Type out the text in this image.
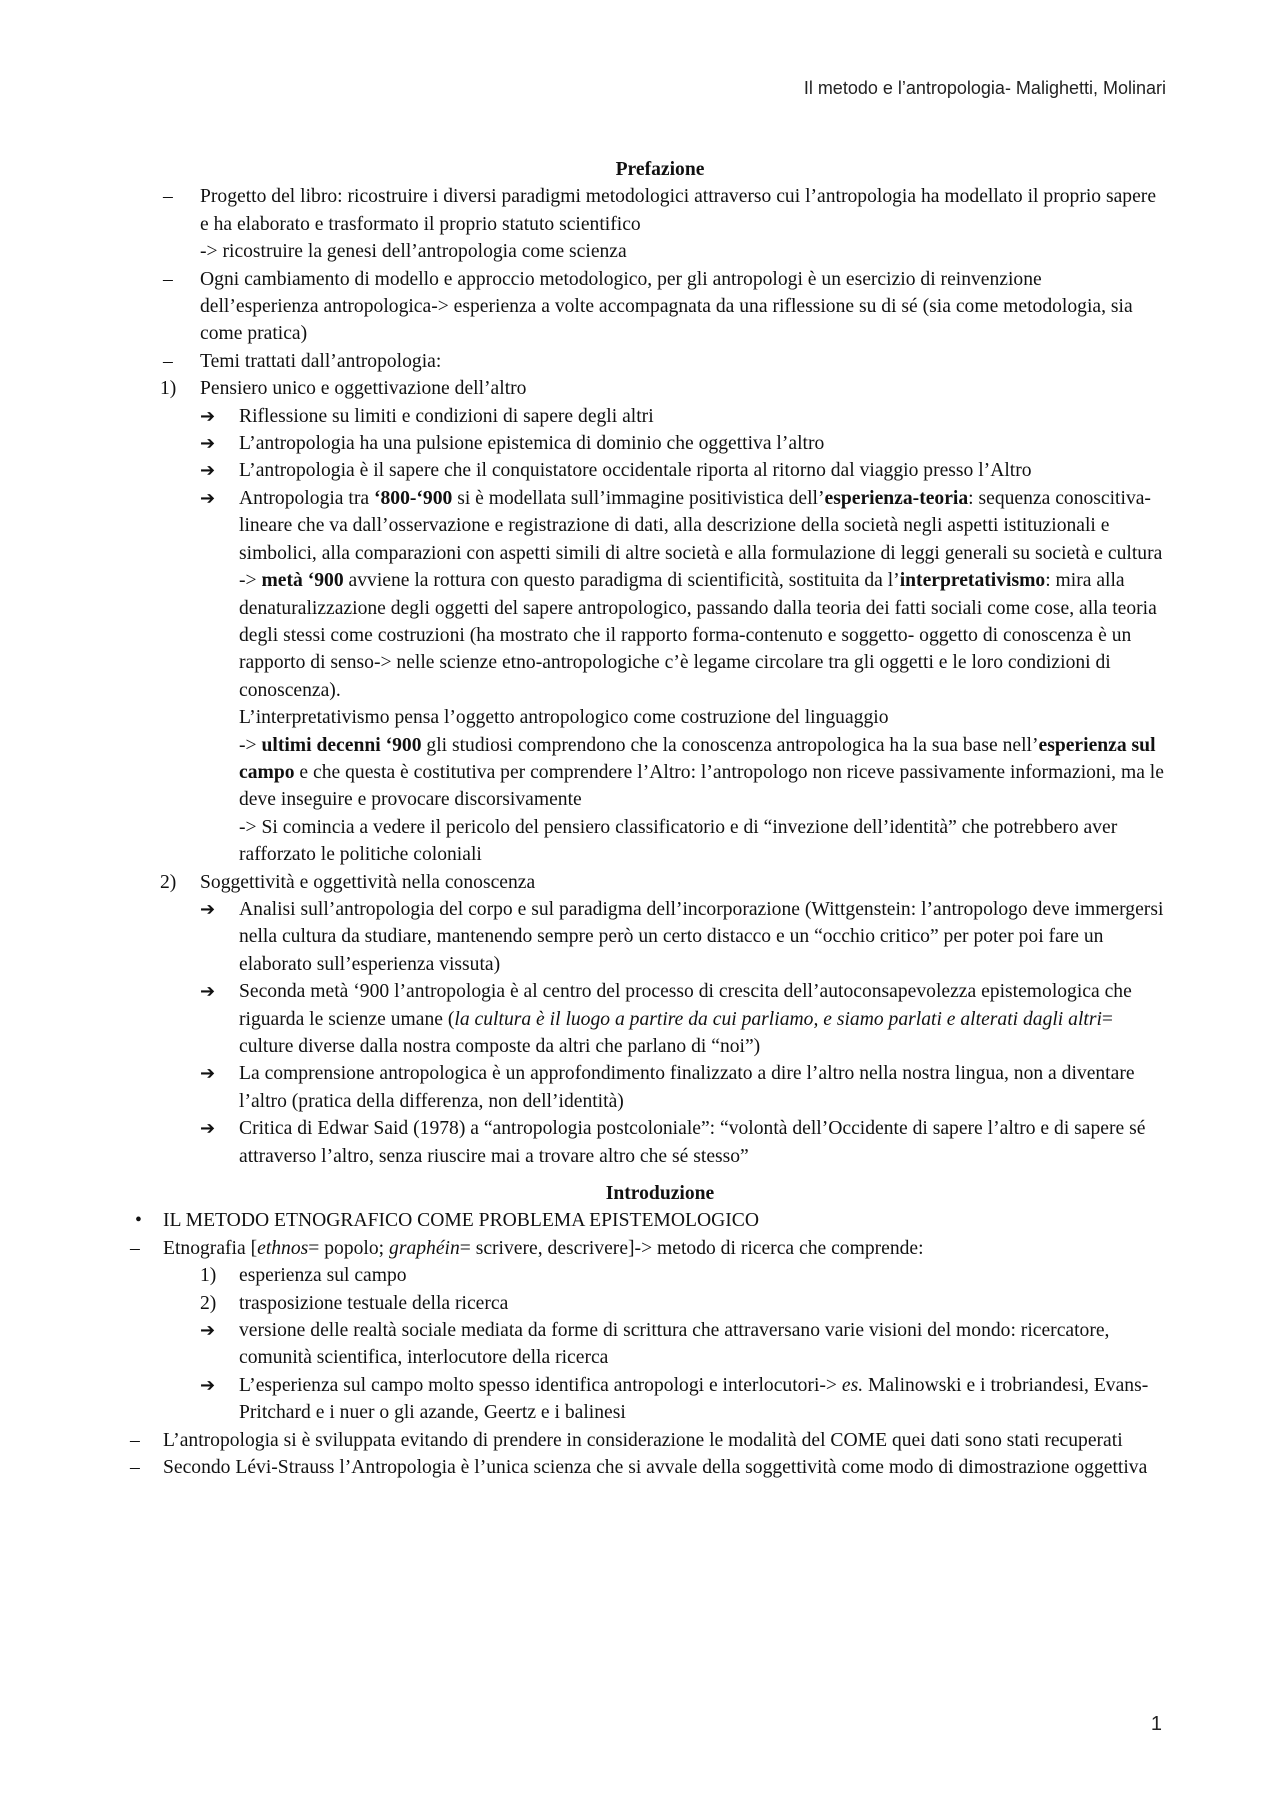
Il metodo e l’antropologia- Malighetti, Molinari
Prefazione
– Progetto del libro: ricostruire i diversi paradigmi metodologici attraverso cui l’antropologia ha modellato il proprio sapere e ha elaborato e trasformato il proprio statuto scientifico
-> ricostruire la genesi dell’antropologia come scienza
– Ogni cambiamento di modello e approccio metodologico, per gli antropologi è un esercizio di reinvenzione dell’esperienza antropologica-> esperienza a volte accompagnata da una riflessione su di sé (sia come metodologia, sia come pratica)
– Temi trattati dall’antropologia:
1) Pensiero unico e oggettivazione dell’altro
➔ Riflessione su limiti e condizioni di sapere degli altri
➔ L’antropologia ha una pulsione epistemica di dominio che oggettiva l’altro
➔ L’antropologia è il sapere che il conquistatore occidentale riporta al ritorno dal viaggio presso l’Altro
➔ Antropologia tra ‘800-‘900 si è modellata sull’immagine positivistica dell’esperienza-teoria: sequenza conoscitiva-lineare che va dall’osservazione e registrazione di dati, alla descrizione della società negli aspetti istituzionali e simbolici, alla comparazioni con aspetti simili di altre società e alla formulazione di leggi generali su società e cultura
-> metà ‘900 avviene la rottura con questo paradigma di scientificità, sostituita da l’interpretativismo: mira alla denaturalizzazione degli oggetti del sapere antropologico, passando dalla teoria dei fatti sociali come cose, alla teoria degli stessi come costruzioni (ha mostrato che il rapporto forma-contenuto e soggetto- oggetto di conoscenza è un rapporto di senso-> nelle scienze etno-antropologiche c’è legame circolare tra gli oggetti e le loro condizioni di conoscenza).
L’interpretativismo pensa l’oggetto antropologico come costruzione del linguaggio
-> ultimi decenni ‘900 gli studiosi comprendono che la conoscenza antropologica ha la sua base nell’esperienza sul campo e che questa è costitutiva per comprendere l’Altro: l’antropologo non riceve passivamente informazioni, ma le deve inseguire e provocare discorsivamente
-> Si comincia a vedere il pericolo del pensiero classificatorio e di “invezione dell’identità” che potrebbero aver rafforzato le politiche coloniali
2) Soggettività e oggettività nella conoscenza
➔ Analisi sull’antropologia del corpo e sul paradigma dell’incorporazione (Wittgenstein: l’antropologo deve immergersi nella cultura da studiare, mantenendo sempre però un certo distacco e un “occhio critico” per poter poi fare un elaborato sull’esperienza vissuta)
➔ Seconda metà ‘900 l’antropologia è al centro del processo di crescita dell’autoconsapevolezza epistemologica che riguarda le scienze umane (la cultura è il luogo a partire da cui parliamo, e siamo parlati e alterati dagli altri= culture diverse dalla nostra composte da altri che parlano di “noi”)
➔ La comprensione antropologica è un approfondimento finalizzato a dire l’altro nella nostra lingua, non a diventare l’altro (pratica della differenza, non dell’identità)
➔ Critica di Edwar Said (1978) a “antropologia postcoloniale”: “volontà dell’Occidente di sapere l’altro e di sapere sé attraverso l’altro, senza riuscire mai a trovare altro che sé stesso”
Introduzione
• IL METODO ETNOGRAFICO COME PROBLEMA EPISTEMOLOGICO
– Etnografia [ethnos= popolo; graphéin= scrivere, descrivere]-> metodo di ricerca che comprende:
1) esperienza sul campo
2) trasposizione testuale della ricerca
➔ versione delle realtà sociale mediata da forme di scrittura che attraversano varie visioni del mondo: ricercatore, comunità scientifica, interlocutore della ricerca
➔ L’esperienza sul campo molto spesso identifica antropologi e interlocutori-> es. Malinowski e i trobriandesi, Evans-Pritchard e i nuer o gli azande, Geertz e i balinesi
– L’antropologia si è sviluppata evitando di prendere in considerazione le modalità del COME quei dati sono stati recuperati
– Secondo Lévi-Strauss l’Antropologia è l’unica scienza che si avvale della soggettività come modo di dimostrazione oggettiva
1
